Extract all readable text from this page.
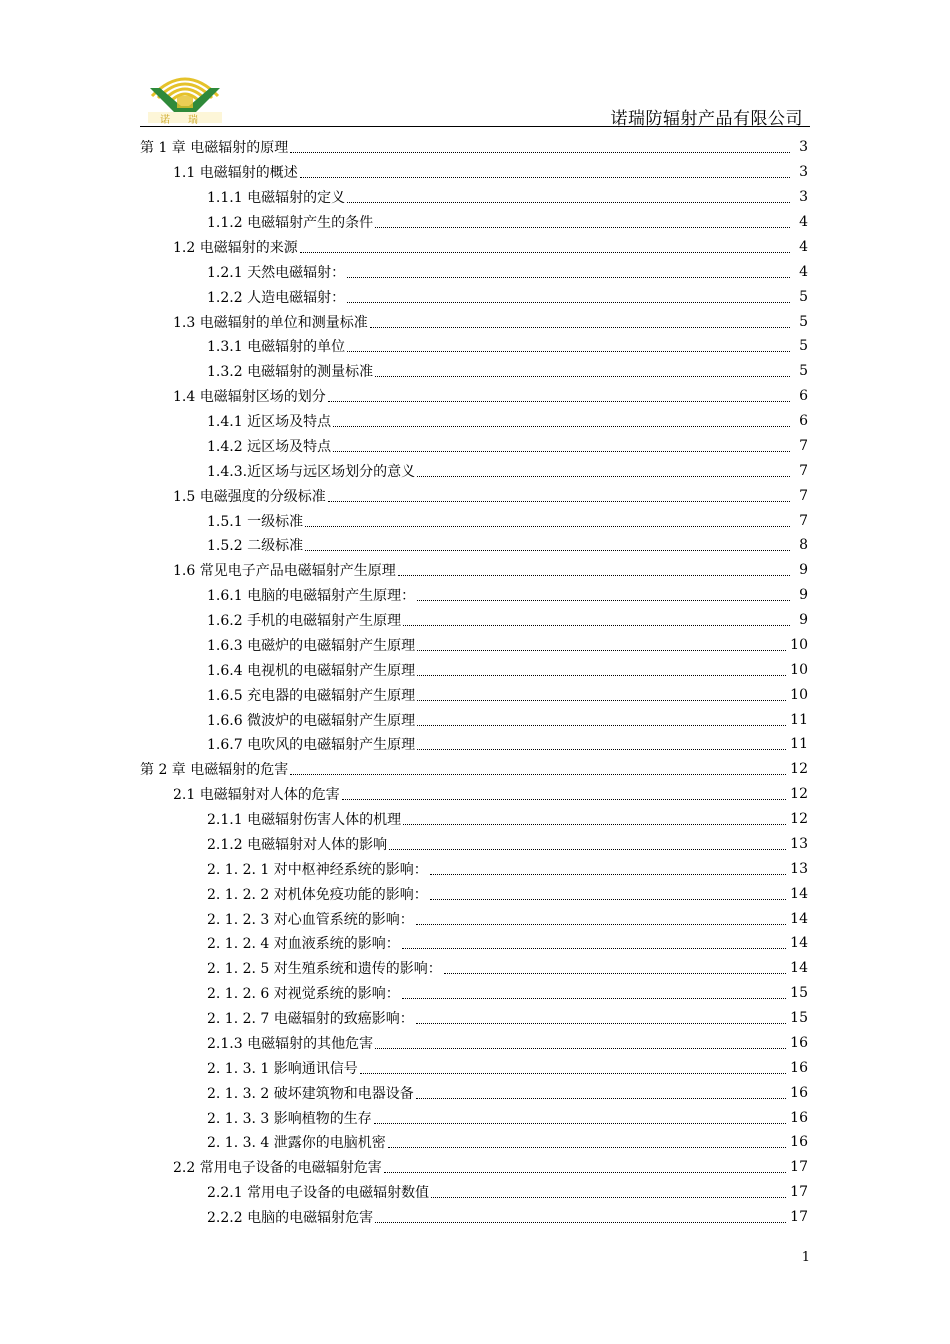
诺瑞	诺瑞防辐射产品有限公司
第 1 章 电磁辐射的原理	3
1.1 电磁辐射的概述	3
1.1.1 电磁辐射的定义	3
1.1.2 电磁辐射产生的条件	4
1.2 电磁辐射的来源	4
1.2.1 天然电磁辐射：	4
1.2.2 人造电磁辐射：	5
1.3 电磁辐射的单位和测量标准	5
1.3.1 电磁辐射的单位	5
1.3.2 电磁辐射的测量标准	5
1.4 电磁辐射区场的划分	6
1.4.1 近区场及特点	6
1.4.2 远区场及特点	7
1.4.3.近区场与远区场划分的意义	7
1.5 电磁强度的分级标准	7
1.5.1 一级标准	7
1.5.2 二级标准	8
1.6 常见电子产品电磁辐射产生原理	9
1.6.1 电脑的电磁辐射产生原理：	9
1.6.2 手机的电磁辐射产生原理	9
1.6.3 电磁炉的电磁辐射产生原理	10
1.6.4 电视机的电磁辐射产生原理	10
1.6.5 充电器的电磁辐射产生原理	10
1.6.6 微波炉的电磁辐射产生原理	11
1.6.7 电吹风的电磁辐射产生原理	11
第 2 章 电磁辐射的危害	12
2.1 电磁辐射对人体的危害	12
2.1.1 电磁辐射伤害人体的机理	12
2.1.2 电磁辐射对人体的影响	13
2. 1. 2. 1 对中枢神经系统的影响：	13
2. 1. 2. 2 对机体免疫功能的影响：	14
2. 1. 2. 3 对心血管系统的影响：	14
2. 1. 2. 4 对血液系统的影响：	14
2. 1. 2. 5 对生殖系统和遗传的影响：	14
2. 1. 2. 6 对视觉系统的影响：	15
2. 1. 2. 7 电磁辐射的致癌影响：	15
2.1.3 电磁辐射的其他危害	16
2. 1. 3. 1 影响通讯信号	16
2. 1. 3. 2 破坏建筑物和电器设备	16
2. 1. 3. 3 影响植物的生存	16
2. 1. 3. 4 泄露你的电脑机密	16
2.2 常用电子设备的电磁辐射危害	17
2.2.1 常用电子设备的电磁辐射数值	17
2.2.2 电脑的电磁辐射危害	17
1
